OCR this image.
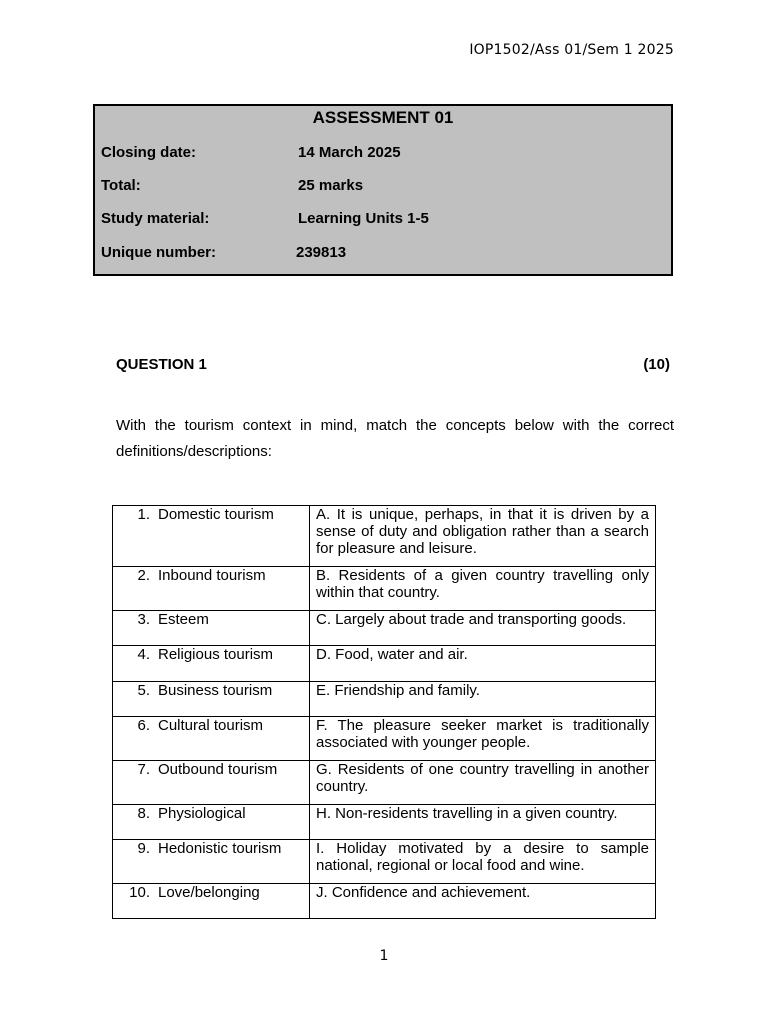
IOP1502/Ass 01/Sem 1 2025
ASSESSMENT 01
Closing date:	14 March 2025
Total:	25 marks
Study material:	Learning Units 1-5
Unique number:	239813
QUESTION 1	(10)
With the tourism context in mind, match the concepts below with the correct definitions/descriptions:
1. Domestic tourism	A. It is unique, perhaps, in that it is driven by a sense of duty and obligation rather than a search for pleasure and leisure.

2. Inbound tourism	B. Residents of a given country travelling only within that country.

3. Esteem	C. Largely about trade and transporting goods.

4. Religious tourism	D. Food, water and air.

5. Business tourism	E. Friendship and family.

6. Cultural tourism	F. The pleasure seeker market is traditionally associated with younger people.

7. Outbound tourism	G. Residents of one country travelling in another country.

8. Physiological	H. Non-residents travelling in a given country.

9. Hedonistic tourism	I. Holiday motivated by a desire to sample national, regional or local food and wine.

10. Love/belonging	J. Confidence and achievement.
1
